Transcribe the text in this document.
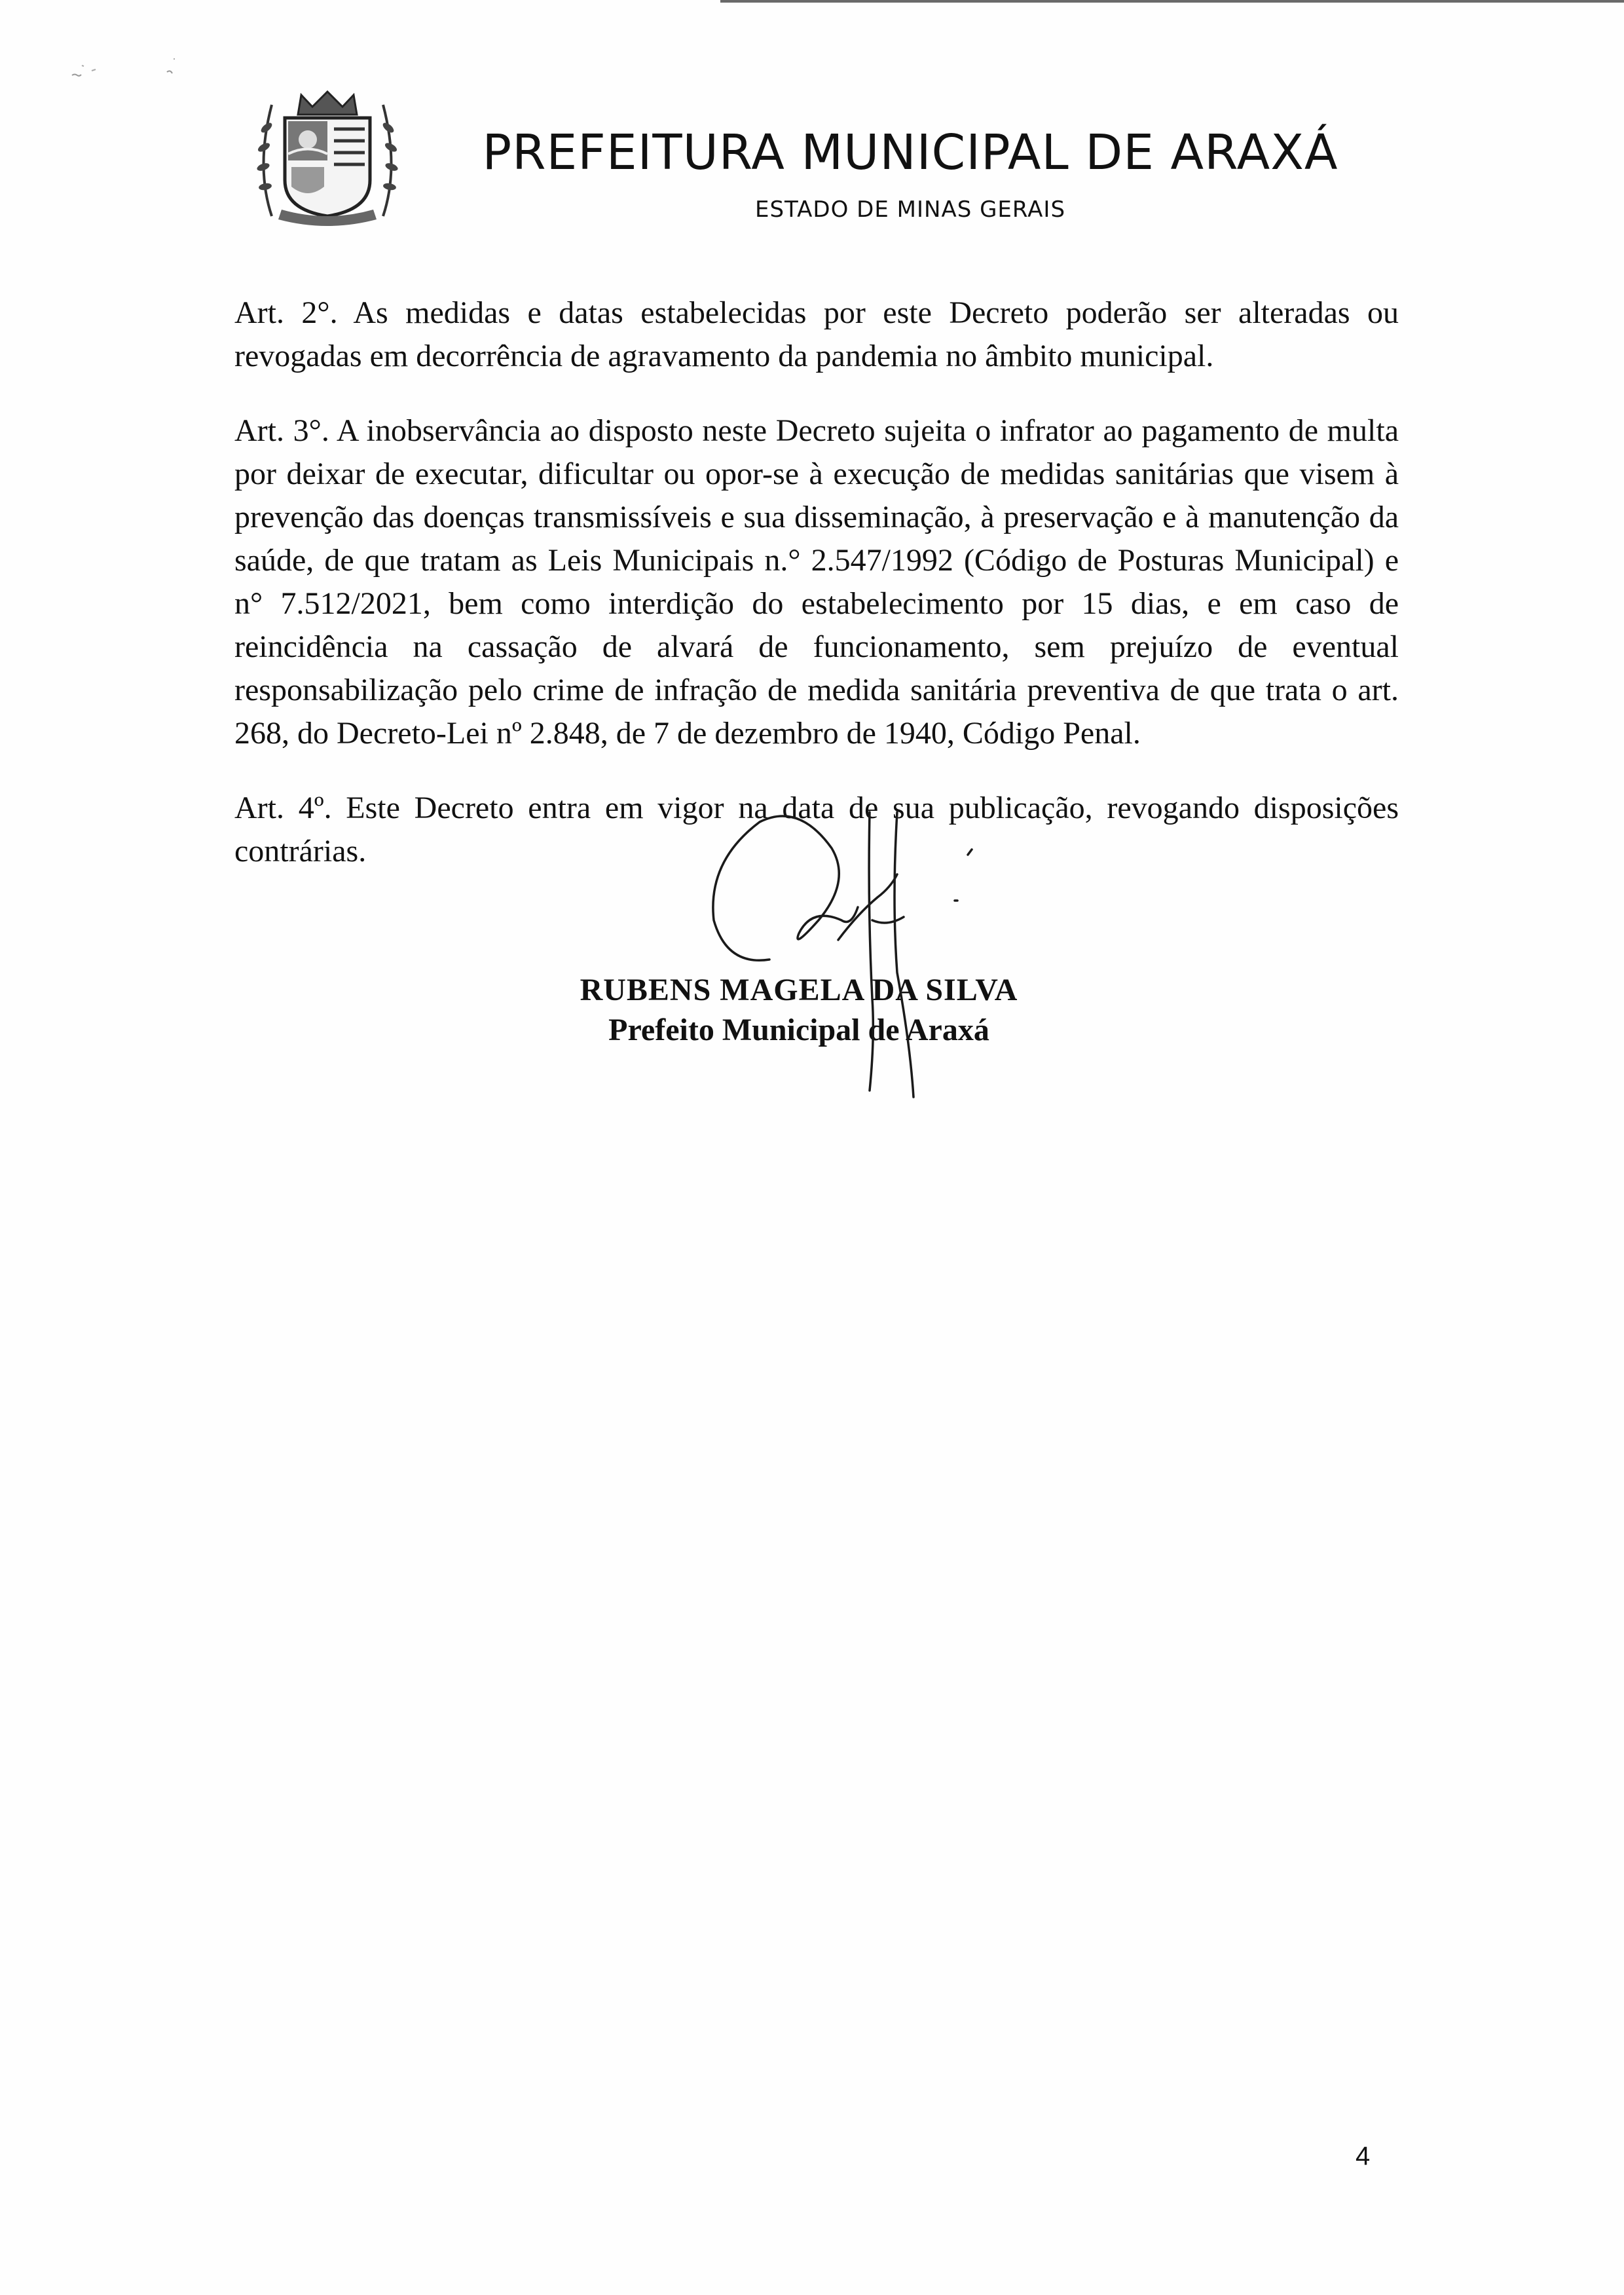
PREFEITURA MUNICIPAL DE ARAXÁ
ESTADO DE MINAS GERAIS

Art. 2°. As medidas e datas estabelecidas por este Decreto poderão ser alteradas ou revogadas em decorrência de agravamento da pandemia no âmbito municipal.

Art. 3°. A inobservância ao disposto neste Decreto sujeita o infrator ao pagamento de multa por deixar de executar, dificultar ou opor-se à execução de medidas sanitárias que visem à prevenção das doenças transmissíveis e sua disseminação, à preservação e à manutenção da saúde, de que tratam as Leis Municipais n.° 2.547/1992 (Código de Posturas Municipal) e n° 7.512/2021, bem como interdição do estabelecimento por 15 dias, e em caso de reincidência na cassação de alvará de funcionamento, sem prejuízo de eventual responsabilização pelo crime de infração de medida sanitária preventiva de que trata o art. 268, do Decreto-Lei nº 2.848, de 7 de dezembro de 1940, Código Penal.

Art. 4º. Este Decreto entra em vigor na data de sua publicação, revogando disposições contrárias.

RUBENS MAGELA DA SILVA
Prefeito Municipal de Araxá
4
